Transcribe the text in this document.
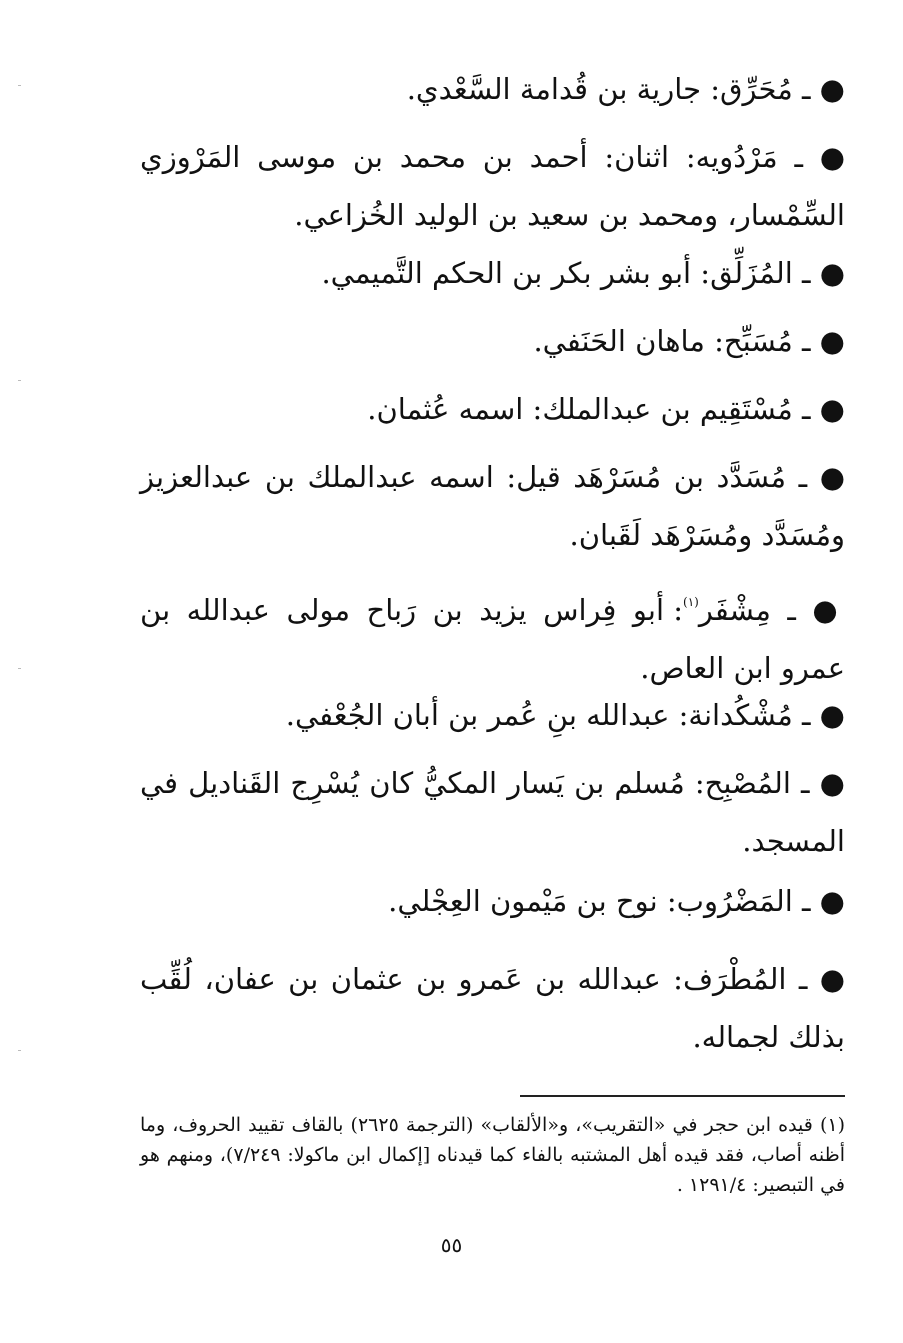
● ـ مُحَرِّق: جارية بن قُدامة السَّعْدي.

● ـ مَرْدُويه: اثنان: أحمد بن محمد بن موسى المَرْوزي السِّمْسار، ومحمد بن سعيد بن الوليد الخُزاعي.

● ـ المُزَلِّق: أبو بشر بكر بن الحكم التَّميمي.

● ـ مُسَبِّح: ماهان الحَنَفي.

● ـ مُسْتَقِيم بن عبدالملك: اسمه عُثمان.

● ـ مُسَدَّد بن مُسَرْهَد قيل: اسمه عبدالملك بن عبدالعزيز ومُسَدَّد ومُسَرْهَد لَقَبان.

● ـ مِشْفَر$^{(١)}$: أبو فِراس يزيد بن رَباح مولى عبدالله بن عمرو ابن العاص.

● ـ مُشْكُدانة: عبدالله بنِ عُمر بن أبان الجُعْفي.

● ـ المُصْبِح: مُسلم بن يَسار المكيُّ كان يُسْرِج القَناديل في المسجد.

● ـ المَضْرُوب: نوح بن مَيْمون العِجْلي.

● ـ المُطْرَف: عبدالله بن عَمرو بن عثمان بن عفان، لُقِّب بذلك لجماله.

(١) قيده ابن حجر في «التقريب»، و«الألقاب» (الترجمة ٢٦٢٥) بالقاف تقييد الحروف، وما أظنه أصاب، فقد قيده أهل المشتبه بالفاء كما قيدناه [إكمال ابن ماكولا: ٧/٢٤٩)، ومنهم هو في التبصير: ١٢٩١/٤ .

٥٥
